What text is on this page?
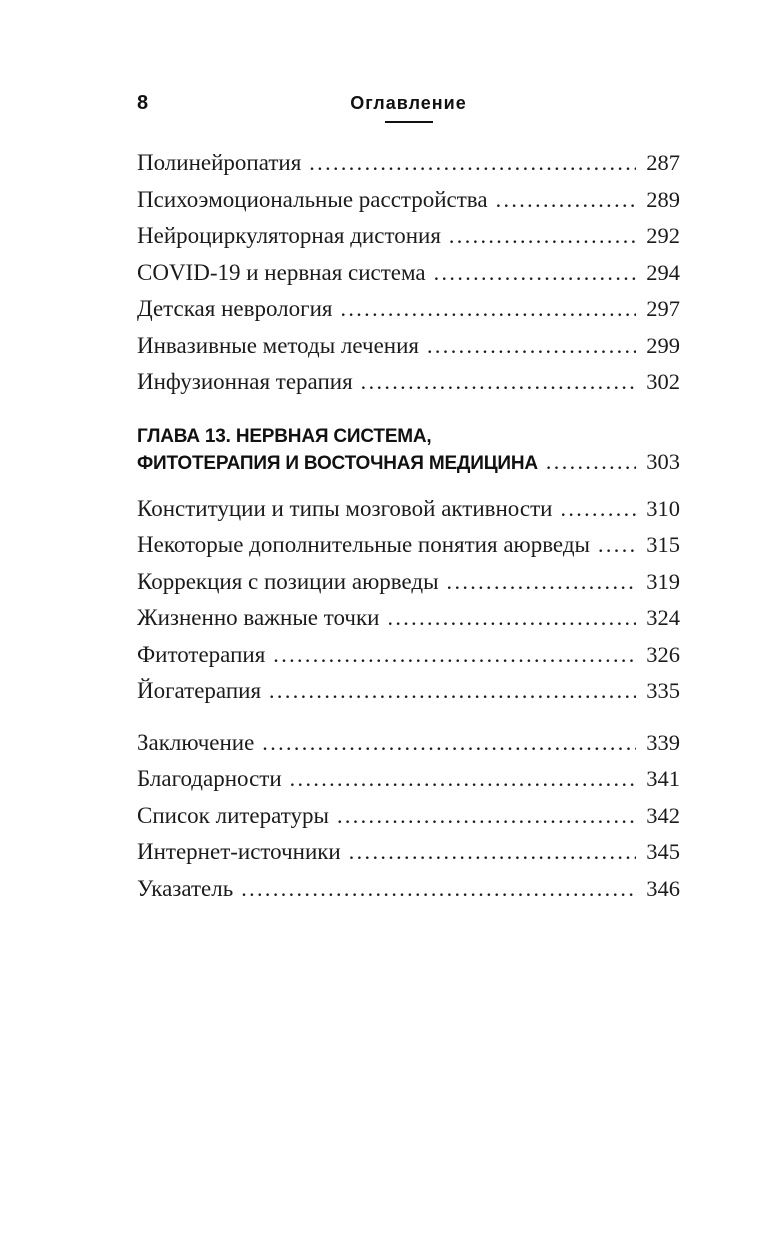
8	Оглавление
Полинейропатия .....	287
Психоэмоциональные расстройства .....	289
Нейроциркуляторная дистония .....	292
COVID-19 и нервная система .....	294
Детская неврология .....	297
Инвазивные методы лечения .....	299
Инфузионная терапия .....	302
ГЛАВА 13. НЕРВНАЯ СИСТЕМА,
ФИТОТЕРАПИЯ И ВОСТОЧНАЯ МЕДИЦИНА .....	303
Конституции и типы мозговой активности .....	310
Некоторые дополнительные понятия аюрведы .....	315
Коррекция с позиции аюрведы .....	319
Жизненно важные точки .....	324
Фитотерапия .....	326
Йогатерапия .....	335
Заключение .....	339
Благодарности .....	341
Список литературы .....	342
Интернет-источники .....	345
Указатель .....	346
